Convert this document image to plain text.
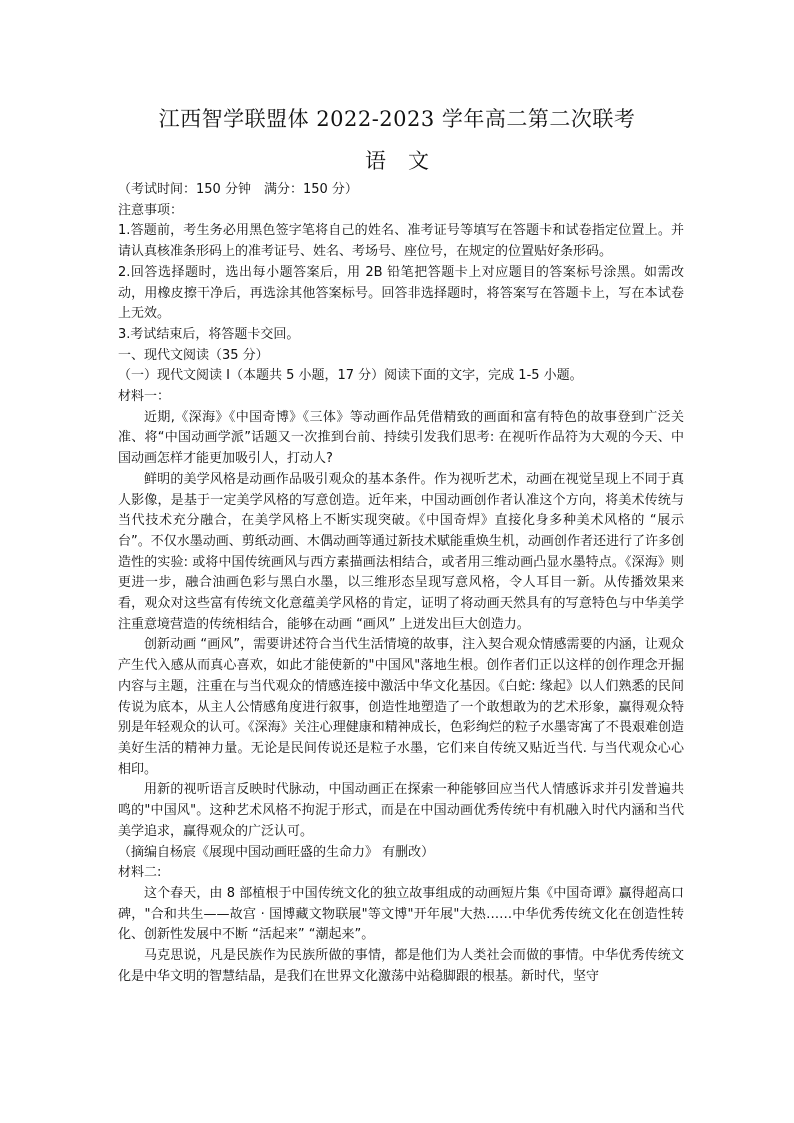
江西智学联盟体 2022-2023 学年高二第二次联考
语文

（考试时间：150 分钟　满分：150 分）

注意事项：

1.答题前，考生务必用黑色签字笔将自己的姓名、准考证号等填写在答题卡和试卷指定位置上。并请认真核准条形码上的准考证号、姓名、考场号、座位号，在规定的位置贴好条形码。

2.回答选择题时，选出每小题答案后，用 2B 铅笔把答题卡上对应题目的答案标号涂黑。如需改动，用橡皮擦干净后，再选涂其他答案标号。回答非选择题时，将答案写在答题卡上，写在本试卷上无效。

3.考试结束后，将答题卡交回。

一、现代文阅读（35 分）

（一）现代文阅读 I（本题共 5 小题，17 分）阅读下面的文字，完成 1-5 小题。

材料一：

近期,《深海》《中国奇博》《三体》等动画作品凭借精致的画面和富有特色的故事登到广泛关准、将“中国动画学派”话题又一次推到台前、持续引发我们思考: 在视听作品符为大观的今天、中国动画怎样才能更加吸引人，打动人?

鲜明的美学风格是动画作品吸引观众的基本条件。作为视听艺术，动画在视觉呈现上不同于真人影像，是基于一定美学风格的写意创造。近年来，中国动画创作者认准这个方向，将美术传统与当代技术充分融合，在美学风格上不断实现突破。《中国奇焊》直接化身多种美术风格的 “展示台”。不仅水墨动画、剪纸动画、木偶动画等通过新技术赋能重焕生机，动画创作者还进行了许多创造性的实验: 或将中国传统画风与西方素描画法相结合，或者用三维动画凸显水墨特点。《深海》则更进一步，融合油画色彩与黑白水墨，以三维形态呈现写意风格，令人耳目一新。从传播效果来看，观众对这些富有传统文化意蕴美学风格的肯定，证明了将动画天然具有的写意特色与中华美学注重意境营造的传统相结合，能够在动画 “画风” 上迸发出巨大创造力。

创新动画 “画风”，需要讲述符合当代生活情境的故事，注入契合观众情感需要的内涵，让观众产生代入感从而真心喜欢，如此才能使新的"中国风"落地生根。创作者们正以这样的创作理念开掘内容与主题，注重在与当代观众的情感连接中激活中华文化基因。《白蛇: 缘起》以人们熟悉的民间传说为底本，从主人公情感角度进行叙事，创造性地塑造了一个敢想敢为的艺术形象，赢得观众特别是年轻观众的认可。《深海》关注心理健康和精神成长，色彩绚烂的粒子水墨寄寓了不畏艰难创造美好生活的精神力量。无论是民间传说还是粒子水墨，它们来自传统又贴近当代. 与当代观众心心相印。

用新的视听语言反映时代脉动，中国动画正在探索一种能够回应当代人情感诉求并引发普遍共鸣的"中国风"。这种艺术风格不拘泥于形式，而是在中国动画优秀传统中有机融入时代内涵和当代美学追求，赢得观众的广泛认可。

（摘编自杨宸《展现中国动画旺盛的生命力》 有删改）

材料二:

这个春天，由 8 部植根于中国传统文化的独立故事组成的动画短片集《中国奇谭》赢得超高口碑，"合和共生——故宫 · 国博藏文物联展"等文博"开年展"大热……中华优秀传统文化在创造性转化、创新性发展中不断 “活起来” “潮起来”。

马克思说，凡是民族作为民族所做的事情，都是他们为人类社会而做的事情。中华优秀传统文化是中华文明的智慧结晶，是我们在世界文化激荡中站稳脚跟的根基。新时代，坚守
